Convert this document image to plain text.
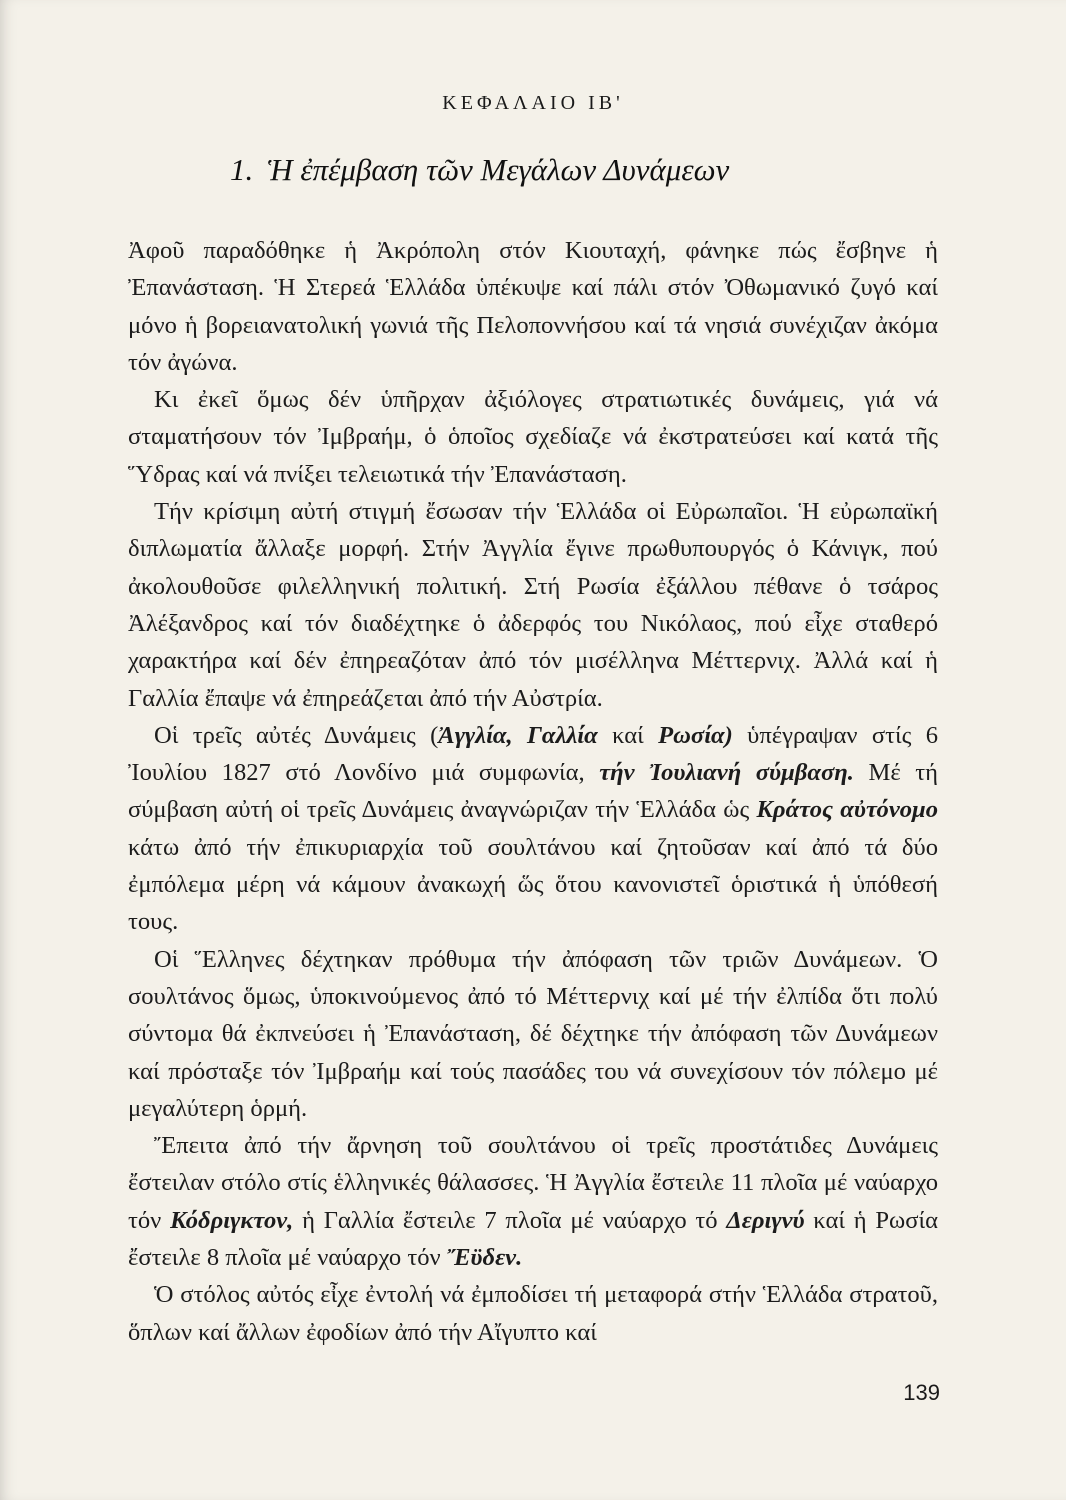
ΚΕΦΑΛΑΙΟ ΙΒ'
1. Ἡ ἐπέμβαση τῶν Μεγάλων Δυνάμεων

Ἀφοῦ παραδόθηκε ἡ Ἀκρόπολη στόν Κιουταχή, φάνηκε πώς ἔσβηνε ἡ Ἐπανάσταση. Ἡ Στερεά Ἑλλάδα ὑπέκυψε καί πάλι στόν Ὀθωμανικό ζυγό καί μόνο ἡ βορειανατολική γωνιά τῆς Πελοποννήσου καί τά νησιά συνέχιζαν ἀκόμα τόν ἀγώνα.

Κι ἐκεῖ ὅμως δέν ὑπῆρχαν ἀξιόλογες στρατιωτικές δυνάμεις, γιά νά σταματήσουν τόν Ἰμβραήμ, ὁ ὁποῖος σχεδίαζε νά ἐκστρατεύσει καί κατά τῆς Ὕδρας καί νά πνίξει τελειωτικά τήν Ἐπανάσταση.

Τήν κρίσιμη αὐτή στιγμή ἔσωσαν τήν Ἑλλάδα οἱ Εὐρωπαῖοι. Ἡ εὐρωπαϊκή διπλωματία ἄλλαξε μορφή. Στήν Ἀγγλία ἔγινε πρωθυπουργός ὁ Κάνιγκ, πού ἀκολουθοῦσε φιλελληνική πολιτική. Στή Ρωσία ἐξάλλου πέθανε ὁ τσάρος Ἀλέξανδρος καί τόν διαδέχτηκε ὁ ἀδερφός του Νικόλαος, πού εἶχε σταθερό χαρακτήρα καί δέν ἐπηρεαζόταν ἀπό τόν μισέλληνα Μέττερνιχ. Ἀλλά καί ἡ Γαλλία ἔπαψε νά ἐπηρεάζεται ἀπό τήν Αὐστρία.

Οἱ τρεῖς αὐτές Δυνάμεις (Ἀγγλία, Γαλλία καί Ρωσία) ὑπέγραψαν στίς 6 Ἰουλίου 1827 στό Λονδίνο μιά συμφωνία, τήν Ἰουλιανή σύμβαση. Μέ τή σύμβαση αὐτή οἱ τρεῖς Δυνάμεις ἀναγνώριζαν τήν Ἑλλάδα ὡς Κράτος αὐτόνομο κάτω ἀπό τήν ἐπικυριαρχία τοῦ σουλτάνου καί ζητοῦσαν καί ἀπό τά δύο ἐμπόλεμα μέρη νά κάμουν ἀνακωχή ὥς ὅτου κανονιστεῖ ὁριστικά ἡ ὑπόθεσή τους.

Οἱ Ἕλληνες δέχτηκαν πρόθυμα τήν ἀπόφαση τῶν τριῶν Δυνάμεων. Ὁ σουλτάνος ὅμως, ὑποκινούμενος ἀπό τό Μέττερνιχ καί μέ τήν ἐλπίδα ὅτι πολύ σύντομα θά ἐκπνεύσει ἡ Ἐπανάσταση, δέ δέχτηκε τήν ἀπόφαση τῶν Δυνάμεων καί πρόσταξε τόν Ἰμβραήμ καί τούς πασάδες του νά συνεχίσουν τόν πόλεμο μέ μεγαλύτερη ὁρμή.

Ἔπειτα ἀπό τήν ἄρνηση τοῦ σουλτάνου οἱ τρεῖς προστάτιδες Δυνάμεις ἔστειλαν στόλο στίς ἑλληνικές θάλασσες. Ἡ Ἀγγλία ἔστειλε 11 πλοῖα μέ ναύαρχο τόν Κόδριγκτον, ἡ Γαλλία ἔστειλε 7 πλοῖα μέ ναύαρχο τό Δεριγνύ καί ἡ Ρωσία ἔστειλε 8 πλοῖα μέ ναύαρχο τόν Ἔϋδεν.

Ὁ στόλος αὐτός εἶχε ἐντολή νά ἐμποδίσει τή μεταφορά στήν Ἑλλάδα στρατοῦ, ὅπλων καί ἄλλων ἐφοδίων ἀπό τήν Αἴγυπτο καί

139
